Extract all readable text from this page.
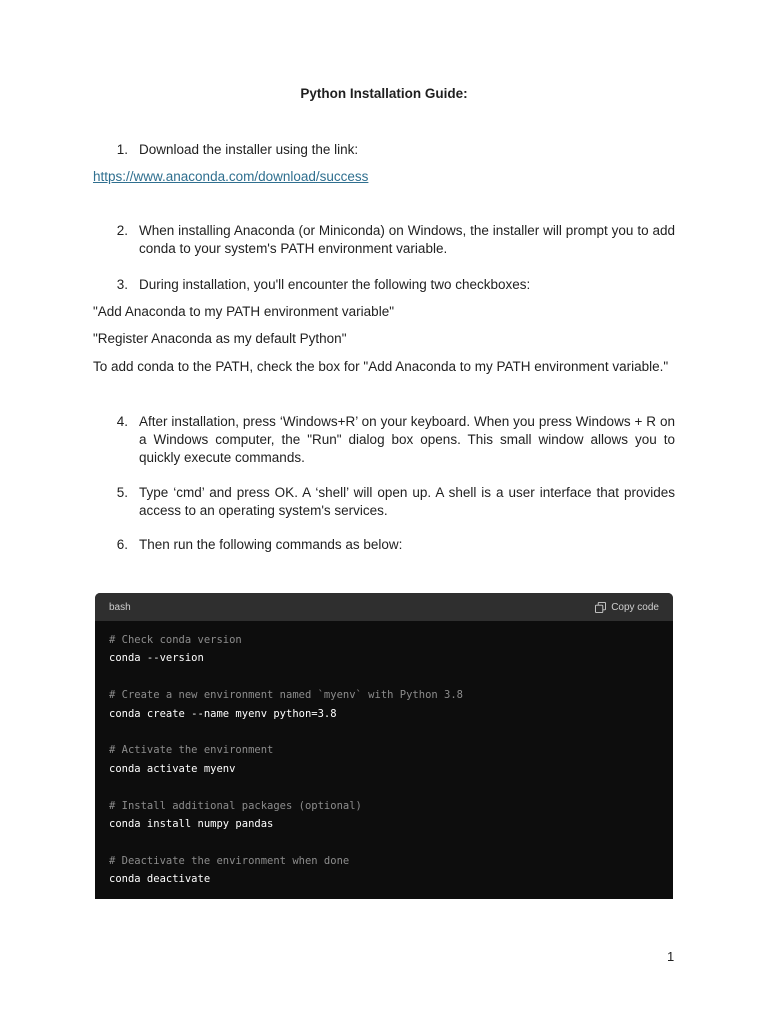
Python Installation Guide:
1. Download the installer using the link:
https://www.anaconda.com/download/success
2. When installing Anaconda (or Miniconda) on Windows, the installer will prompt you to add conda to your system's PATH environment variable.
3. During installation, you'll encounter the following two checkboxes:
"Add Anaconda to my PATH environment variable"
"Register Anaconda as my default Python"
To add conda to the PATH, check the box for "Add Anaconda to my PATH environment variable."
4. After installation, press ‘Windows+R’ on your keyboard. When you press Windows + R on a Windows computer, the "Run" dialog box opens. This small window allows you to quickly execute commands.
5. Type ‘cmd’ and press OK. A ‘shell’ will open up. A shell is a user interface that provides access to an operating system's services.
6. Then run the following commands as below:
bash	Copy code
# Check conda version
conda --version
# Create a new environment named `myenv` with Python 3.8
conda create --name myenv python=3.8
# Activate the environment
conda activate myenv
# Install additional packages (optional)
conda install numpy pandas
# Deactivate the environment when done
conda deactivate
1
